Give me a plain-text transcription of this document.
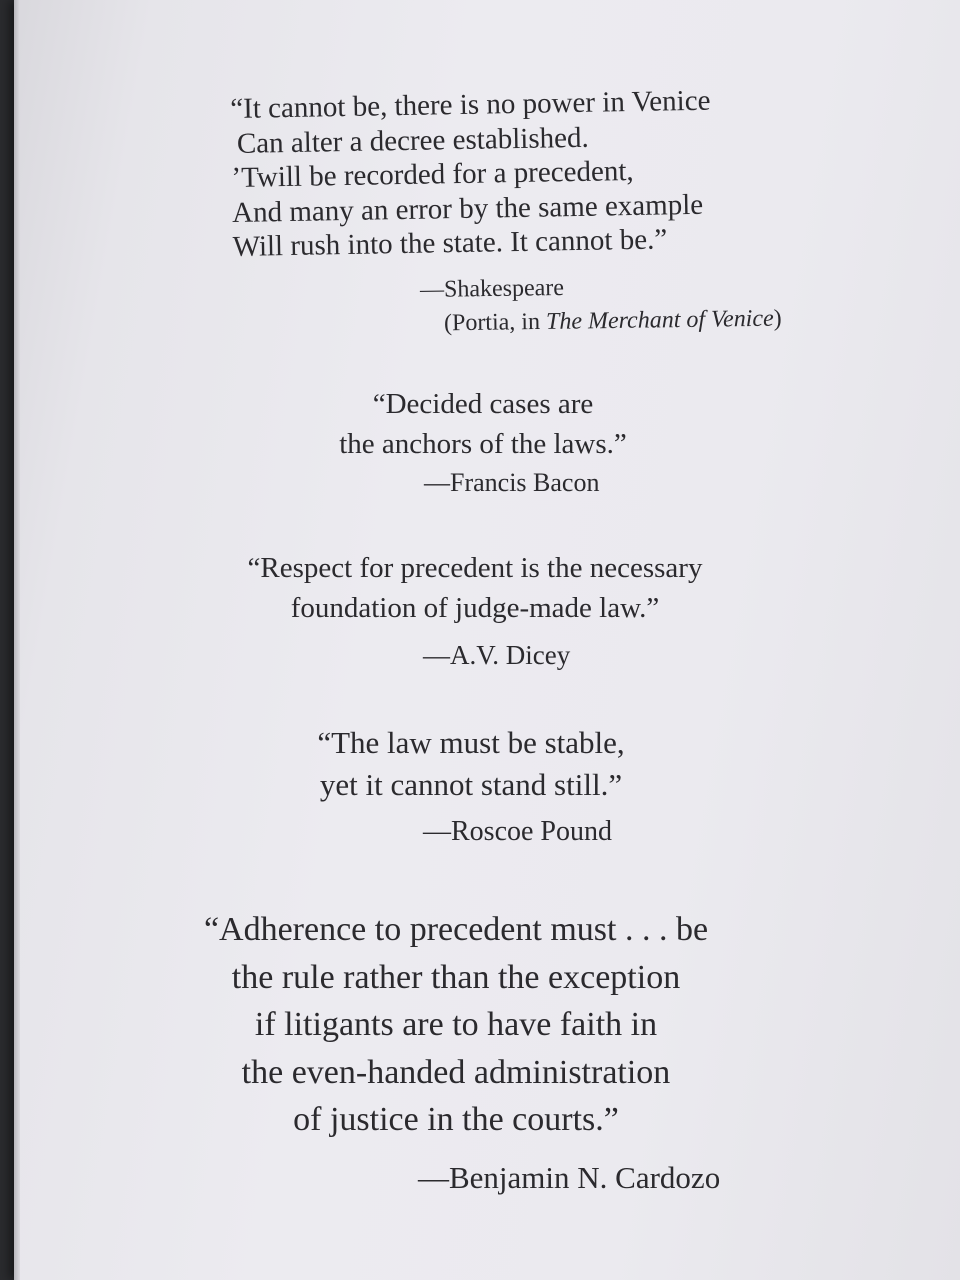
“It cannot be, there is no power in Venice
Can alter a decree established.
’Twill be recorded for a precedent,
And many an error by the same example
Will rush into the state. It cannot be.”
—Shakespeare
(Portia, in The Merchant of Venice)
“Decided cases are
the anchors of the laws.”
—Francis Bacon
“Respect for precedent is the necessary
foundation of judge-made law.”
—A.V. Dicey
“The law must be stable,
yet it cannot stand still.”
—Roscoe Pound
“Adherence to precedent must . . . be
the rule rather than the exception
if litigants are to have faith in
the even-handed administration
of justice in the courts.”
—Benjamin N. Cardozo
